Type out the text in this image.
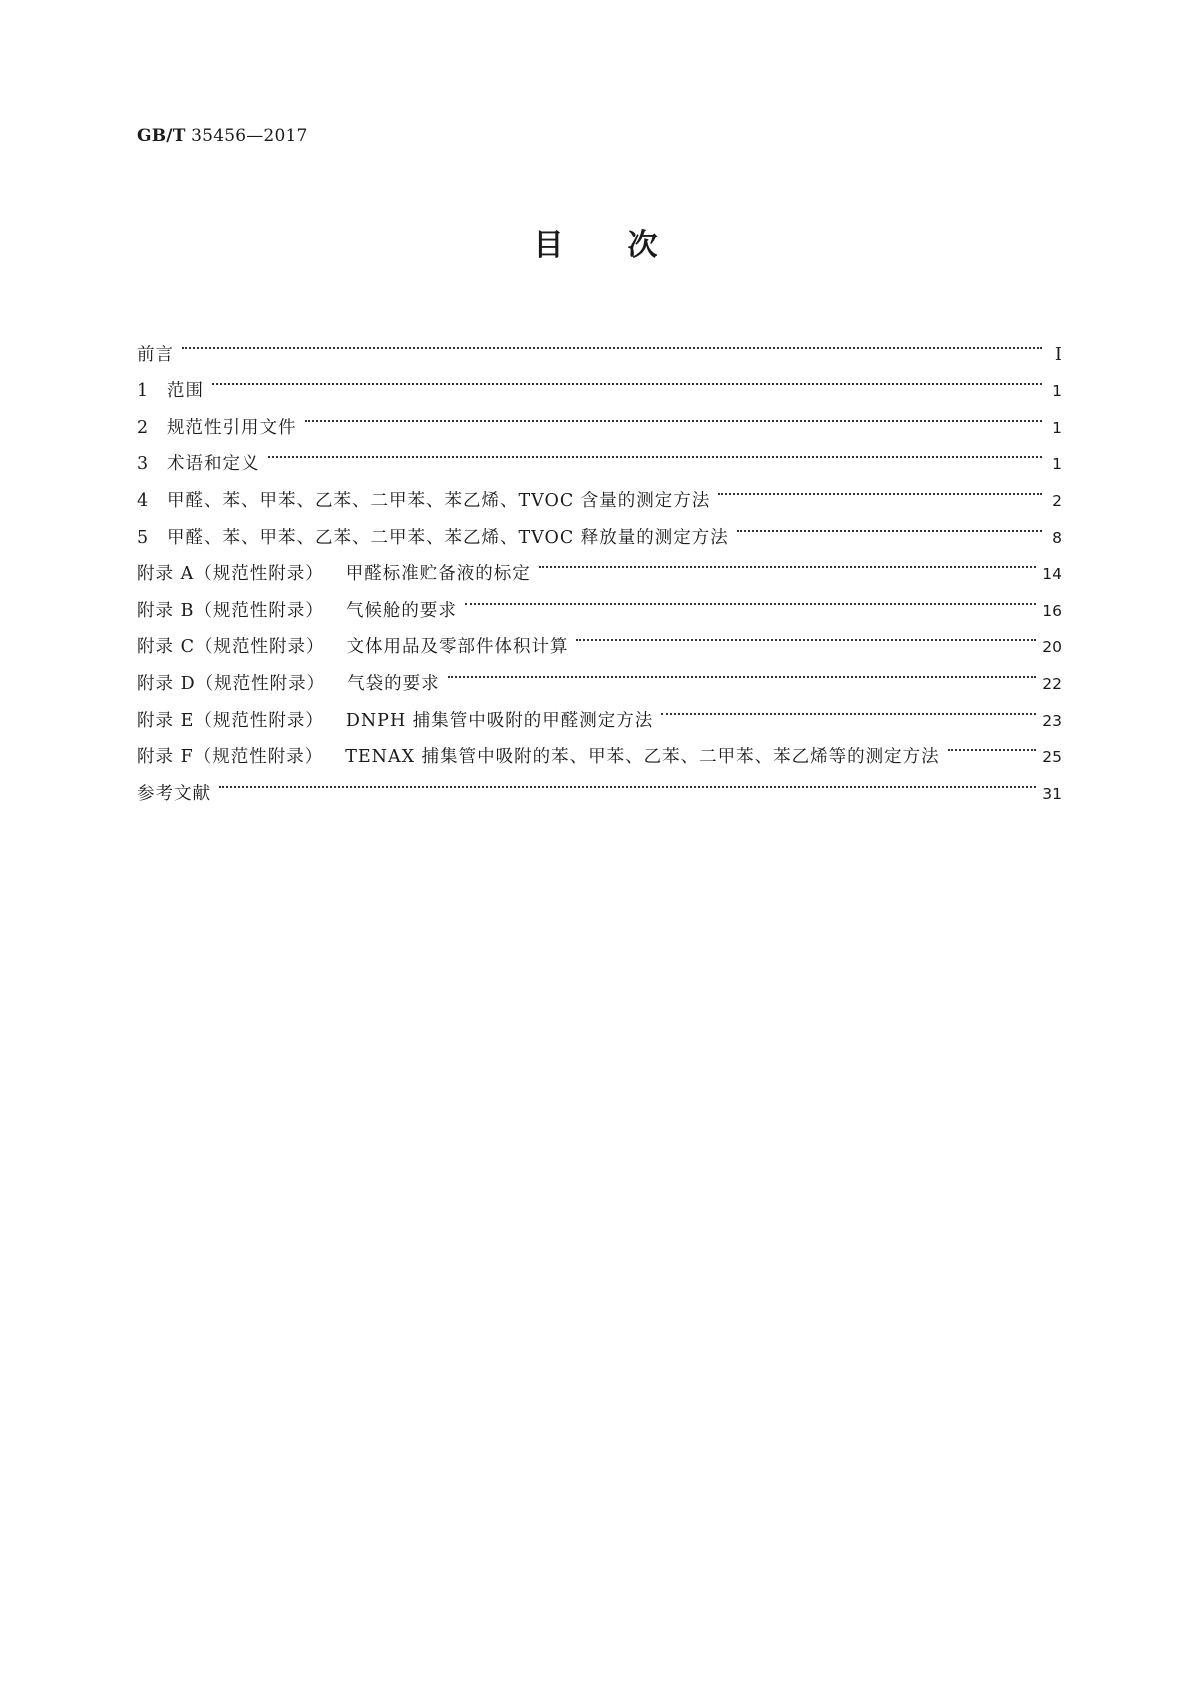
GB/T 35456—2017
目次
前言	Ⅰ
1	范围	1
2	规范性引用文件	1
3	术语和定义	1
4	甲醛、苯、甲苯、乙苯、二甲苯、苯乙烯、TVOC 含量的测定方法	2
5	甲醛、苯、甲苯、乙苯、二甲苯、苯乙烯、TVOC 释放量的测定方法	8
附录 A（规范性附录） 甲醛标准贮备液的标定	14
附录 B（规范性附录） 气候舱的要求	16
附录 C（规范性附录） 文体用品及零部件体积计算	20
附录 D（规范性附录） 气袋的要求	22
附录 E（规范性附录） DNPH 捕集管中吸附的甲醛测定方法	23
附录 F（规范性附录） TENAX 捕集管中吸附的苯、甲苯、乙苯、二甲苯、苯乙烯等的测定方法	25
参考文献	31
